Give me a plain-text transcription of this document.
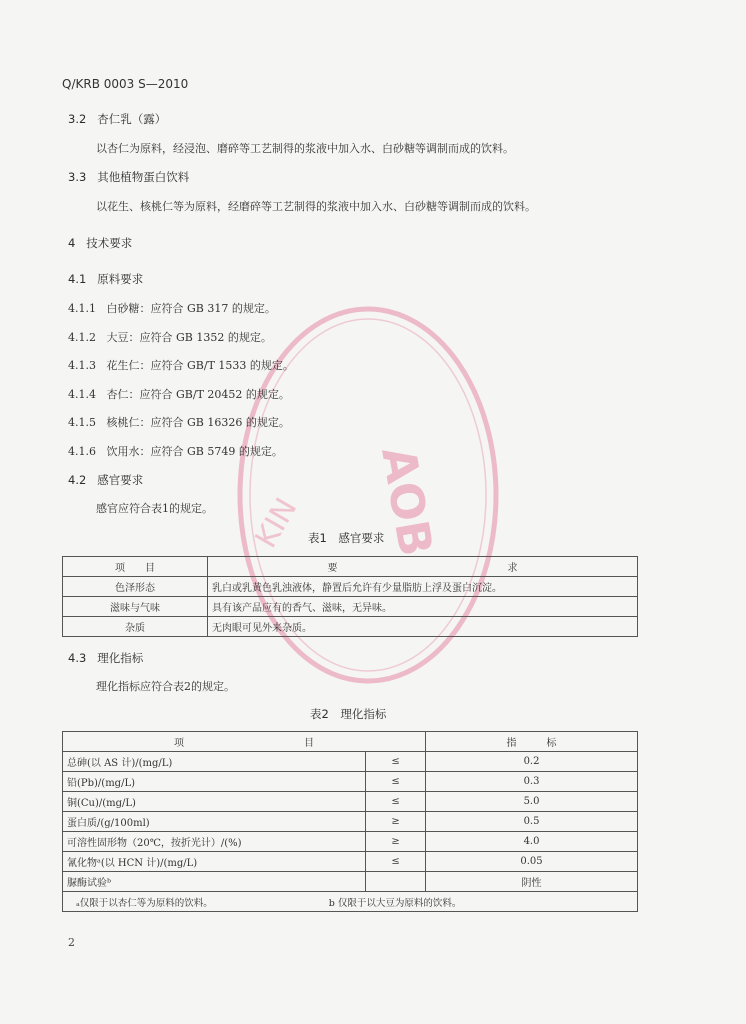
AOB
KIN
Q/KRB 0003 S—2010
3.2 杏仁乳（露）
以杏仁为原料，经浸泡、磨碎等工艺制得的浆液中加入水、白砂糖等调制而成的饮料。
3.3 其他植物蛋白饮料
以花生、核桃仁等为原料，经磨碎等工艺制得的浆液中加入水、白砂糖等调制而成的饮料。
4 技术要求
4.1 原料要求
4.1.1 白砂糖：应符合 GB 317 的规定。
4.1.2 大豆：应符合 GB 1352 的规定。
4.1.3 花生仁：应符合 GB/T 1533 的规定。
4.1.4 杏仁：应符合 GB/T 20452 的规定。
4.1.5 核桃仁：应符合 GB 16326 的规定。
4.1.6 饮用水：应符合 GB 5749 的规定。
4.2 感官要求
感官应符合表1的规定。
表1　感官要求
项　　目	要　　　　　　　　　　　　　　　　　求
色泽形态	乳白或乳黄色乳浊液体，静置后允许有少量脂肪上浮及蛋白沉淀。
滋味与气味	具有该产品应有的香气、滋味，无异味。
杂质	无肉眼可见外来杂质。
4.3 理化指标
理化指标应符合表2的规定。
表2　理化指标
项　　　　　　　　　　　　目		指　　　标
总砷(以 AS 计)/(mg/L)	≤	0.2
铅(Pb)/(mg/L)	≤	0.3
铜(Cu)/(mg/L)	≤	5.0
蛋白质/(g/100ml)	≥	0.5
可溶性固形物（20℃，按折光计）/(%)	≥	4.0
氰化物ᵃ(以 HCN 计)/(mg/L)	≤	0.05
脲酶试验ᵇ		阴性
ₐ仅限于以杏仁等为原料的饮料。 b 仅限于以大豆为原料的饮料。		
2
